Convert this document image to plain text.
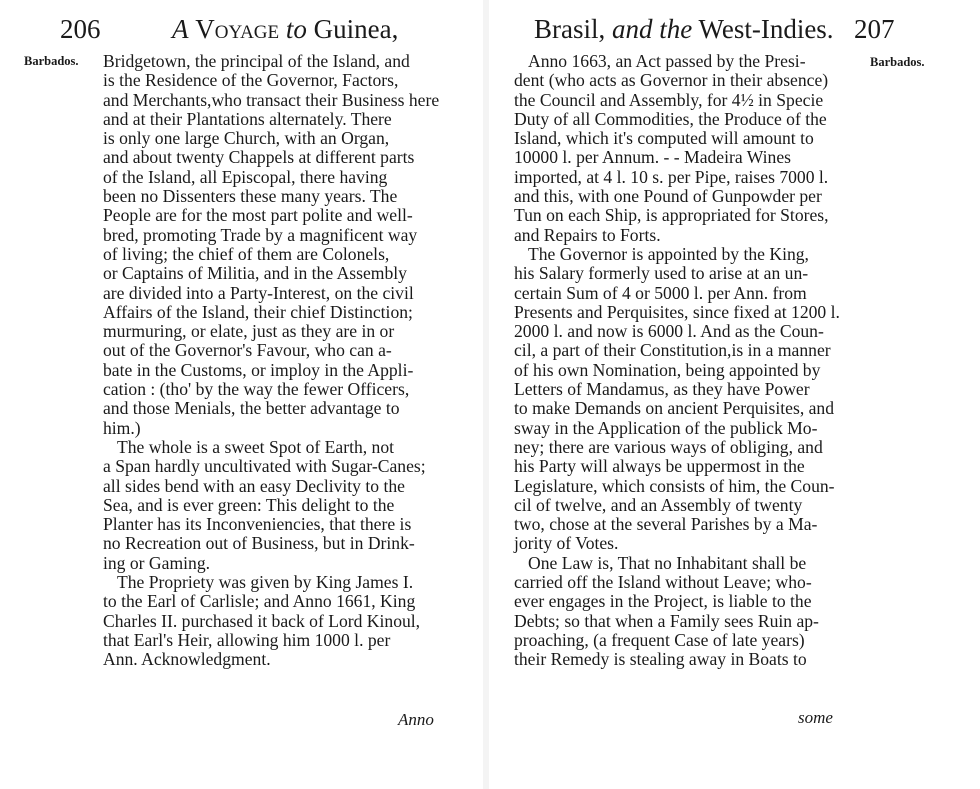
206	A Voyage to Guinea,
Barbados. Bridgetown, the principal of the Island, and
is the Residence of the Governor, Factors,
and Merchants,who transact their Business here
and at their Plantations alternately. There
is only one large Church, with an Organ,
and about twenty Chappels at different parts
of the Island, all Episcopal, there having
been no Dissenters these many years. The
People are for the most part polite and well-
bred, promoting Trade by a magnificent way
of living; the chief of them are Colonels,
or Captains of Militia, and in the Assembly
are divided into a Party-Interest, on the civil
Affairs of the Island, their chief Distinction;
murmuring, or elate, just as they are in or
out of the Governor's Favour, who can a-
bate in the Customs, or imploy in the Appli-
cation : (tho' by the way the fewer Officers,
and those Menials, the better advantage to
him.)
The whole is a sweet Spot of Earth, not
a Span hardly uncultivated with Sugar-Canes;
all sides bend with an easy Declivity to the
Sea, and is ever green: This delight to the
Planter has its Inconveniencies, that there is
no Recreation out of Business, but in Drink-
ing or Gaming.
The Propriety was given by King James I.
to the Earl of Carlisle; and Anno 1661, King
Charles II. purchased it back of Lord Kinoul,
that Earl's Heir, allowing him 1000 l. per
Ann. Acknowledgment.
Anno
Brasil, and the West-Indies. 207
Barbados.
Anno 1663, an Act passed by the Presi-
dent (who acts as Governor in their absence)
the Council and Assembly, for 4½ in Specie
Duty of all Commodities, the Produce of the
Island, which it's computed will amount to
10000 l. per Annum. - - Madeira Wines
imported, at 4 l. 10 s. per Pipe, raises 7000 l.
and this, with one Pound of Gunpowder per
Tun on each Ship, is appropriated for Stores,
and Repairs to Forts.
The Governor is appointed by the King,
his Salary formerly used to arise at an un-
certain Sum of 4 or 5000 l. per Ann. from
Presents and Perquisites, since fixed at 1200 l.
2000 l. and now is 6000 l. And as the Coun-
cil, a part of their Constitution,is in a manner
of his own Nomination, being appointed by
Letters of Mandamus, as they have Power
to make Demands on ancient Perquisites, and
sway in the Application of the publick Mo-
ney; there are various ways of obliging, and
his Party will always be uppermost in the
Legislature, which consists of him, the Coun-
cil of twelve, and an Assembly of twenty
two, chose at the several Parishes by a Ma-
jority of Votes.
One Law is, That no Inhabitant shall be
carried off the Island without Leave; who-
ever engages in the Project, is liable to the
Debts; so that when a Family sees Ruin ap-
proaching, (a frequent Case of late years)
their Remedy is stealing away in Boats to
some
